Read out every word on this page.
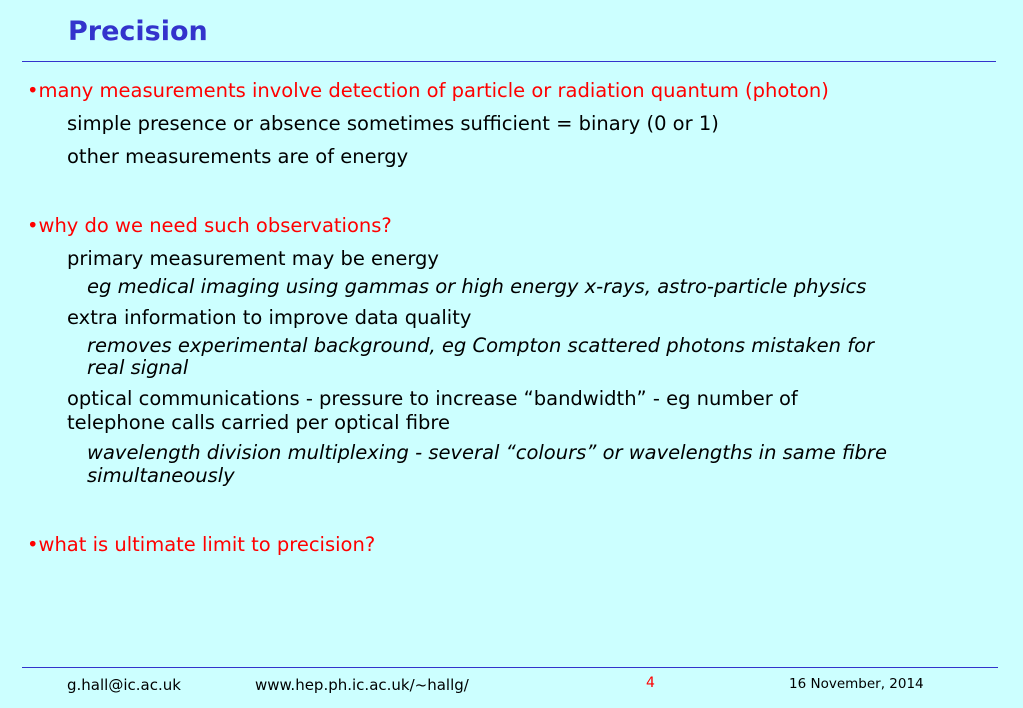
Precision
•many measurements involve detection of particle or radiation quantum (photon)
simple presence or absence sometimes sufficient = binary (0 or 1)
other measurements are of energy
•why do we need such observations?
primary measurement may be energy
eg medical imaging using gammas or high energy x-rays, astro-particle physics
extra information to improve data quality
removes experimental background, eg Compton scattered photons mistaken for
real signal
optical communications - pressure to increase “bandwidth” - eg number of
telephone calls carried per optical fibre
wavelength division multiplexing - several “colours” or wavelengths in same fibre
simultaneously
•what is ultimate limit to precision?
g.hall@ic.ac.uk	www.hep.ph.ic.ac.uk/~hallg/	4	16 November, 2014
